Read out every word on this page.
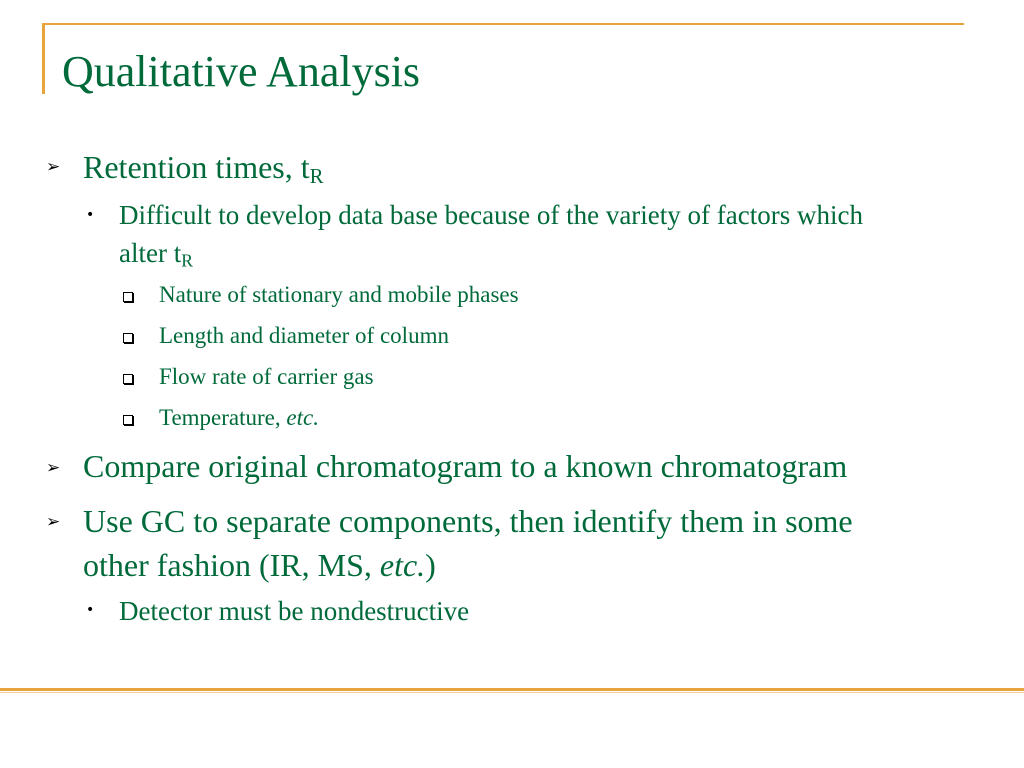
Qualitative Analysis
➢ Retention times, $t_R$
• Difficult to develop data base because of the variety of factors which
alter $t_R$
Nature of stationary and mobile phases
Length and diameter of column
Flow rate of carrier gas
Temperature, etc.
➢ Compare original chromatogram to a known chromatogram
➢ Use GC to separate components, then identify them in some
other fashion (IR, MS, etc.)
• Detector must be nondestructive
